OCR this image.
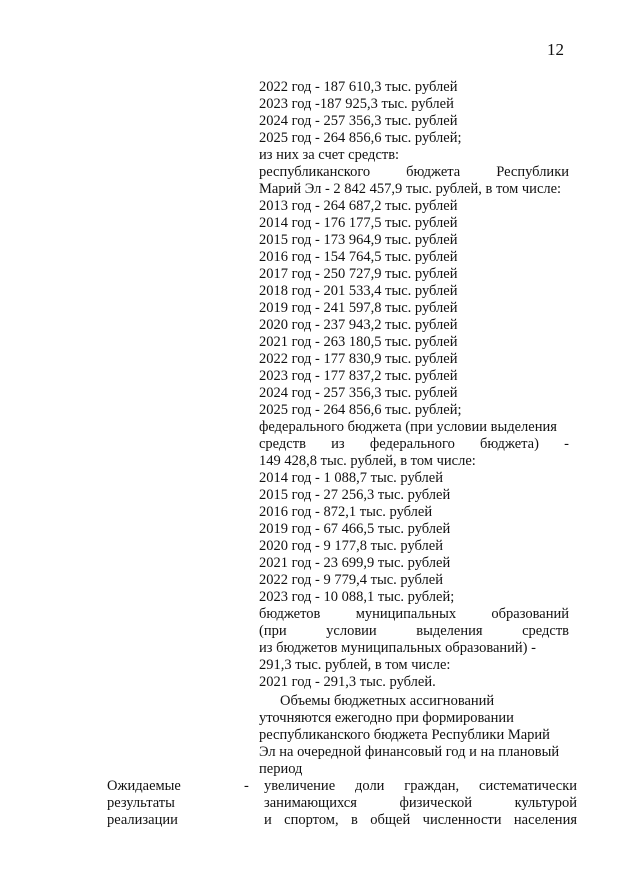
12
2022 год - 187 610,3 тыс. рублей
2023 год -187 925,3 тыс. рублей
2024 год - 257 356,3 тыс. рублей
2025 год - 264 856,6 тыс. рублей;
из них за счет средств:
республиканского бюджета Республики
Марий Эл - 2 842 457,9 тыс. рублей, в том числе:
2013 год - 264 687,2 тыс. рублей
2014 год - 176 177,5 тыс. рублей
2015 год - 173 964,9 тыс. рублей
2016 год - 154 764,5 тыс. рублей
2017 год - 250 727,9 тыс. рублей
2018 год - 201 533,4 тыс. рублей
2019 год - 241 597,8 тыс. рублей
2020 год - 237 943,2 тыс. рублей
2021 год - 263 180,5 тыс. рублей
2022 год - 177 830,9 тыс. рублей
2023 год - 177 837,2 тыс. рублей
2024 год - 257 356,3 тыс. рублей
2025 год - 264 856,6 тыс. рублей;
федерального бюджета (при условии выделения
средств из федерального бюджета) -
149 428,8 тыс. рублей, в том числе:
2014 год - 1 088,7 тыс. рублей
2015 год - 27 256,3 тыс. рублей
2016 год - 872,1 тыс. рублей
2019 год - 67 466,5 тыс. рублей
2020 год - 9 177,8 тыс. рублей
2021 год - 23 699,9 тыс. рублей
2022 год - 9 779,4 тыс. рублей
2023 год - 10 088,1 тыс. рублей;
бюджетов муниципальных образований
(при условии выделения средств
из бюджетов муниципальных образований) -
291,3 тыс. рублей, в том числе:
2021 год - 291,3 тыс. рублей.
Объемы бюджетных ассигнований уточняются ежегодно при формировании республиканского бюджета Республики Марий Эл на очередной финансовый год и на плановый период
Ожидаемые
результаты
реализации
- увеличение доли граждан, систематически
занимающихся физической культурой
и спортом, в общей численности населения
